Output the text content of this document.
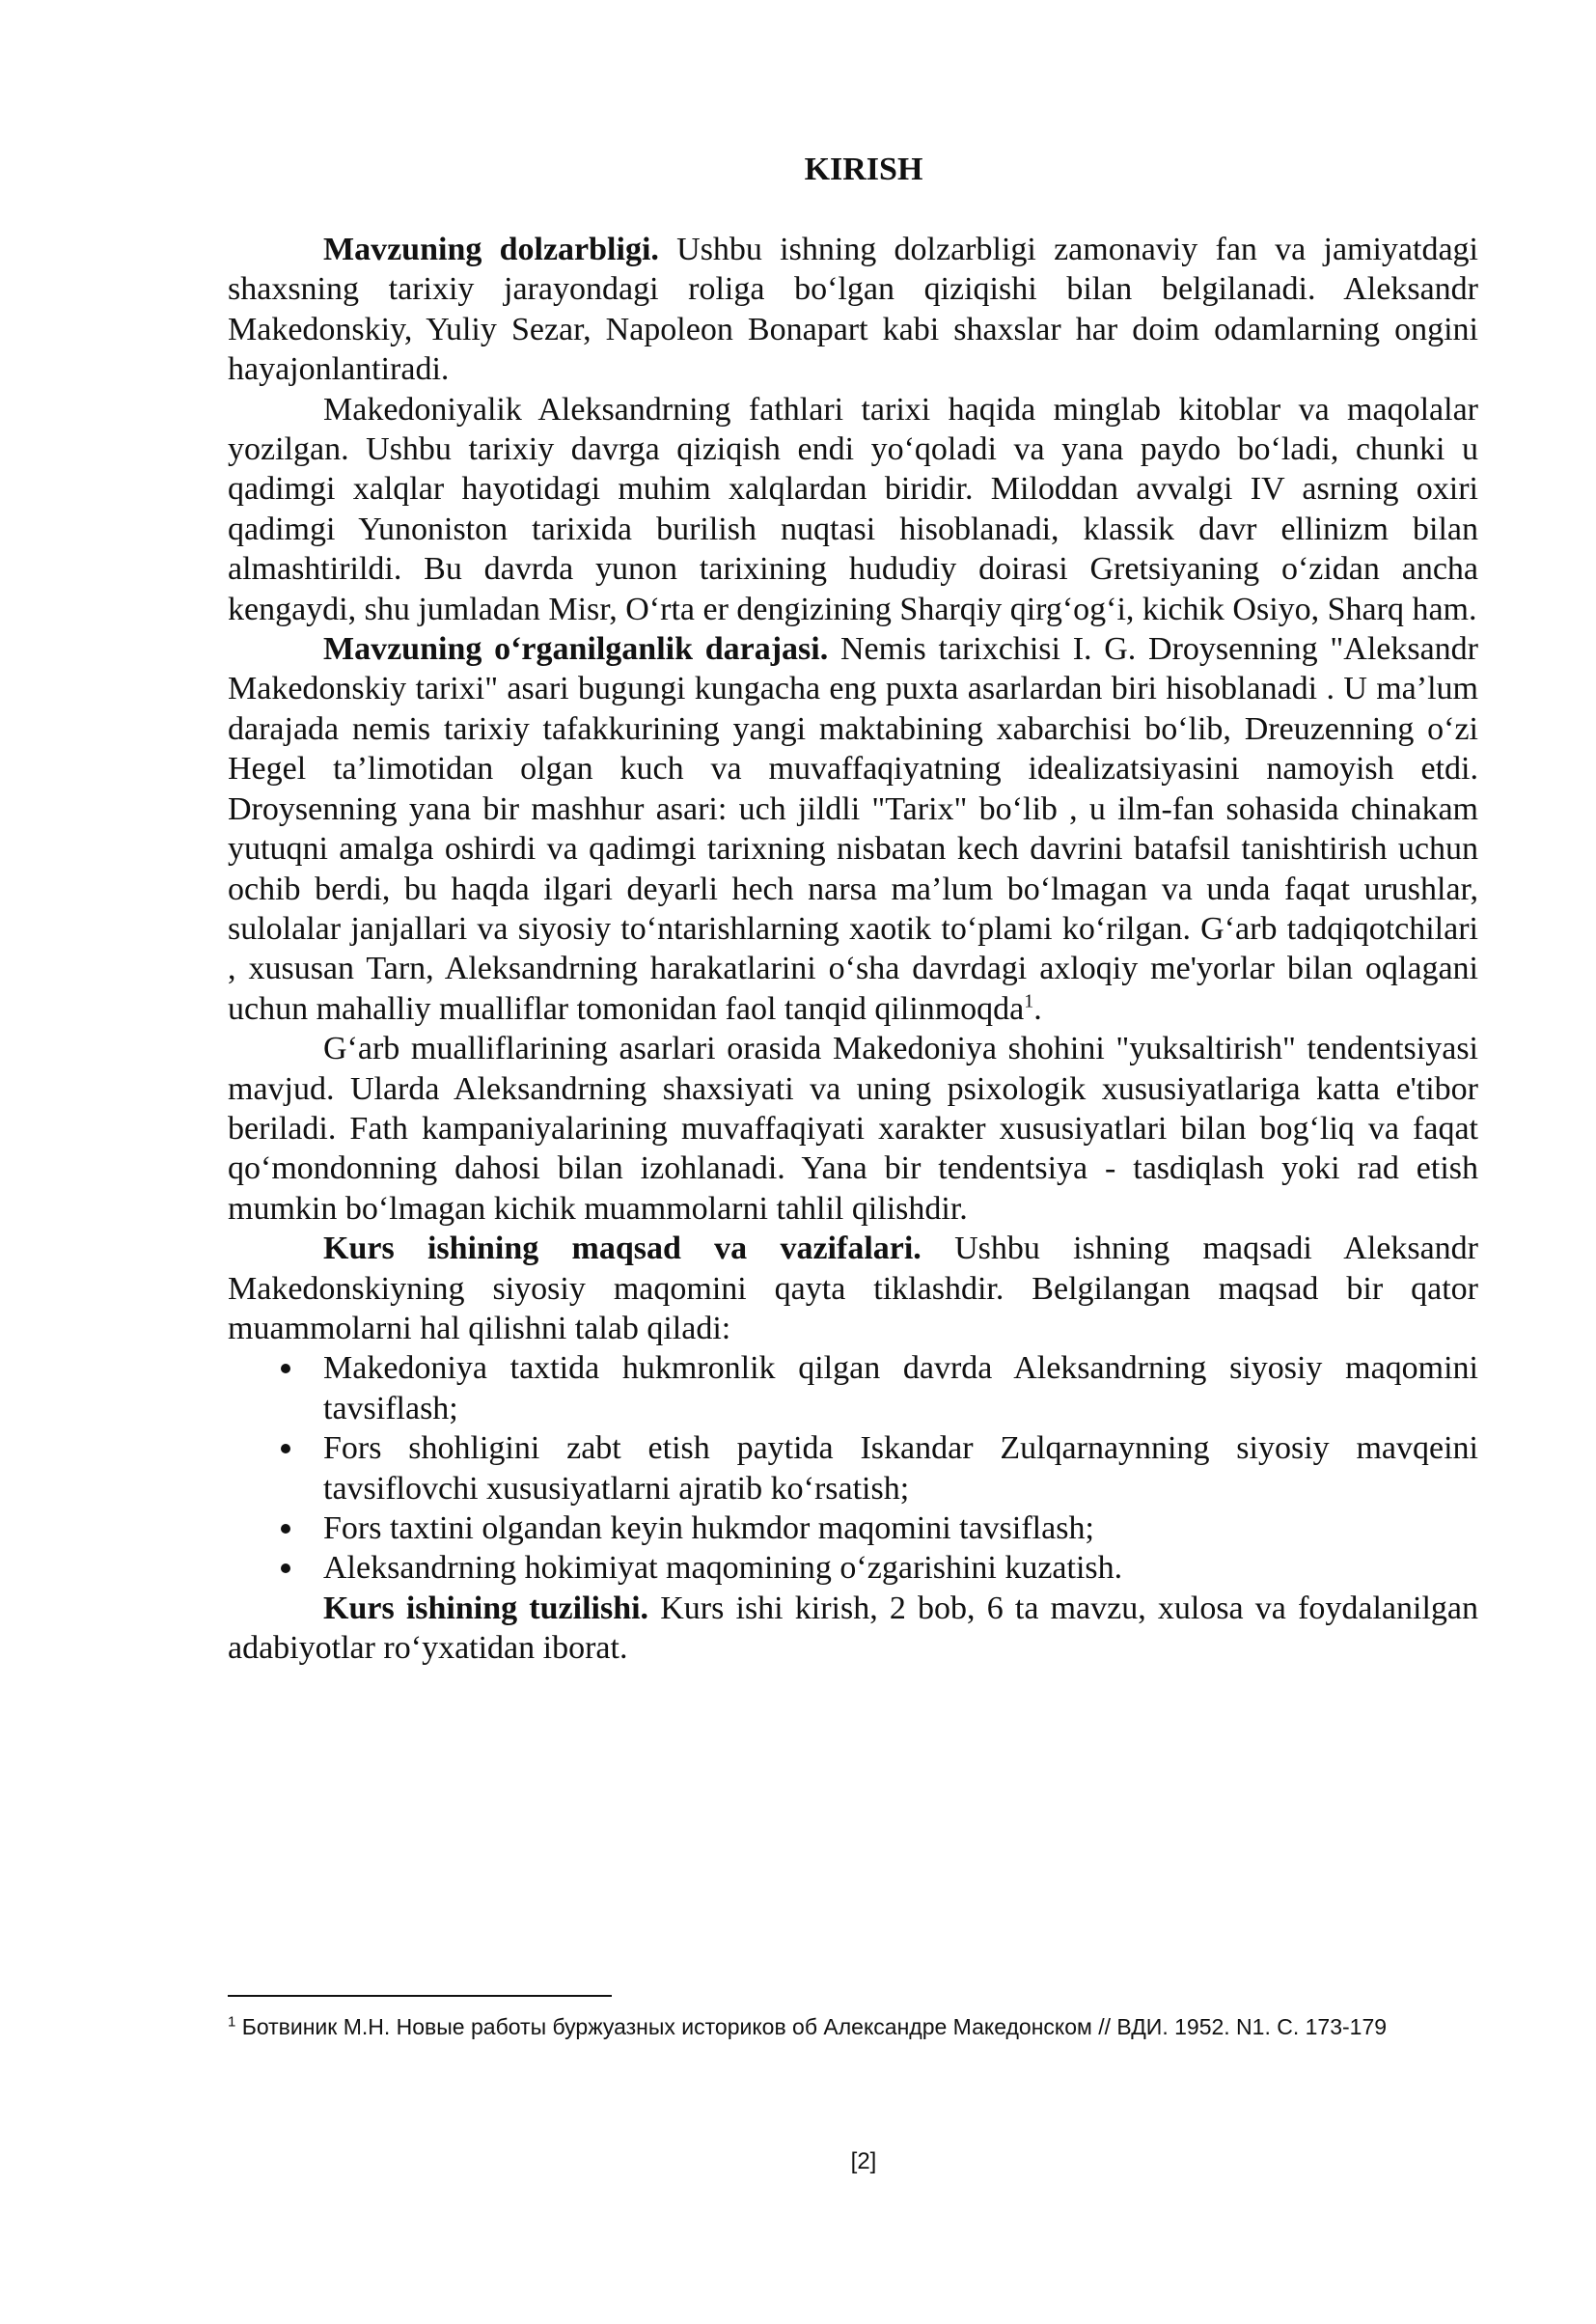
KIRISH

Mavzuning dolzarbligi. Ushbu ishning dolzarbligi zamonaviy fan va jamiyatdagi shaxsning tarixiy jarayondagi roliga bo‘lgan qiziqishi bilan belgilanadi. Aleksandr Makedonskiy, Yuliy Sezar, Napoleon Bonapart kabi shaxslar har doim odamlarning ongini hayajonlantiradi.

Makedoniyalik Aleksandrning fathlari tarixi haqida minglab kitoblar va maqolalar yozilgan. Ushbu tarixiy davrga qiziqish endi yo‘qoladi va yana paydo bo‘ladi, chunki u qadimgi xalqlar hayotidagi muhim xalqlardan biridir. Miloddan avvalgi IV asrning oxiri qadimgi Yunoniston tarixida burilish nuqtasi hisoblanadi, klassik davr ellinizm bilan almashtirildi. Bu davrda yunon tarixining hududiy doirasi Gretsiyaning o‘zidan ancha kengaydi, shu jumladan Misr, O‘rta er dengizining Sharqiy qirg‘og‘i, kichik Osiyo, Sharq ham.

Mavzuning o‘rganilganlik darajasi. Nemis tarixchisi I. G. Droysenning "Aleksandr Makedonskiy tarixi" asari bugungi kungacha eng puxta asarlardan biri hisoblanadi . U ma’lum darajada nemis tarixiy tafakkurining yangi maktabining xabarchisi bo‘lib, Dreuzenning o‘zi Hegel ta’limotidan olgan kuch va muvaffaqiyatning idealizatsiyasini namoyish etdi. Droysenning yana bir mashhur asari: uch jildli "Tarix" bo‘lib , u ilm-fan sohasida chinakam yutuqni amalga oshirdi va qadimgi tarixning nisbatan kech davrini batafsil tanishtirish uchun ochib berdi, bu haqda ilgari deyarli hech narsa ma’lum bo‘lmagan va unda faqat urushlar, sulolalar janjallari va siyosiy to‘ntarishlarning xaotik to‘plami ko‘rilgan. G‘arb tadqiqotchilari , xususan Tarn, Aleksandrning harakatlarini o‘sha davrdagi axloqiy me'yorlar bilan oqlagani uchun mahalliy mualliflar tomonidan faol tanqid qilinmoqda$^1$.

G‘arb mualliflarining asarlari orasida Makedoniya shohini "yuksaltirish" tendentsiyasi mavjud. Ularda Aleksandrning shaxsiyati va uning psixologik xususiyatlariga katta e'tibor beriladi. Fath kampaniyalarining muvaffaqiyati xarakter xususiyatlari bilan bog‘liq va faqat qo‘mondonning dahosi bilan izohlanadi. Yana bir tendentsiya - tasdiqlash yoki rad etish mumkin bo‘lmagan kichik muammolarni tahlil qilishdir.

Kurs ishining maqsad va vazifalari. Ushbu ishning maqsadi Aleksandr Makedonskiyning siyosiy maqomini qayta tiklashdir. Belgilangan maqsad bir qator muammolarni hal qilishni talab qiladi:

Makedoniya taxtida hukmronlik qilgan davrda Aleksandrning siyosiy maqomini tavsiflash;
Fors shohligini zabt etish paytida Iskandar Zulqarnaynning siyosiy mavqeini tavsiflovchi xususiyatlarni ajratib ko‘rsatish;
Fors taxtini olgandan keyin hukmdor maqomini tavsiflash;
Aleksandrning hokimiyat maqomining o‘zgarishini kuzatish.

Kurs ishining tuzilishi. Kurs ishi kirish, 2 bob, 6 ta mavzu, xulosa va foydalanilgan adabiyotlar ro‘yxatidan iborat.

$^1$ Ботвиник М.Н. Новые работы буржуазных историков об Александре Македонском // ВДИ. 1952. N1. С. 173-179
[2]
